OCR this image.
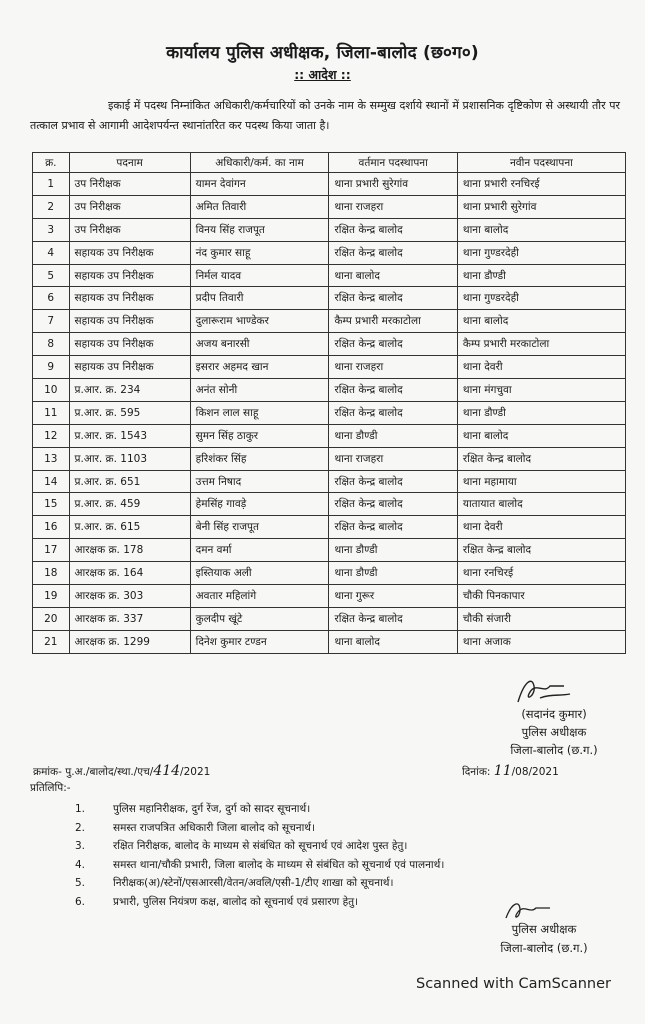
कार्यालय पुलिस अधीक्षक, जिला-बालोद (छ०ग०)
:: आदेश ::
इकाई में पदस्थ निम्नांकित अधिकारी/कर्मचारियों को उनके नाम के सम्मुख दर्शाये स्थानों में प्रशासनिक दृष्टिकोण से अस्थायी तौर पर तत्काल प्रभाव से आगामी आदेशपर्यन्त स्थानांतरित कर पदस्थ किया जाता है।
क्र.	पदनाम	अधिकारी/कर्म. का नाम	वर्तमान पदस्थापना	नवीन पदस्थापना
1	उप निरीक्षक	यामन देवांगन	थाना प्रभारी सुरेगांव	थाना प्रभारी रनचिरई
2	उप निरीक्षक	अमित तिवारी	थाना राजहरा	थाना प्रभारी सुरेगांव
3	उप निरीक्षक	विनय सिंह राजपूत	रक्षित केन्द्र बालोद	थाना बालोद
4	सहायक उप निरीक्षक	नंद कुमार साहू	रक्षित केन्द्र बालोद	थाना गुण्डरदेही
5	सहायक उप निरीक्षक	निर्मल यादव	थाना बालोद	थाना डौण्डी
6	सहायक उप निरीक्षक	प्रदीप तिवारी	रक्षित केन्द्र बालोद	थाना गुण्डरदेही
7	सहायक उप निरीक्षक	दुलारूराम भाण्डेकर	कैम्प प्रभारी मरकाटोला	थाना बालोद
8	सहायक उप निरीक्षक	अजय बनारसी	रक्षित केन्द्र बालोद	कैम्प प्रभारी मरकाटोला
9	सहायक उप निरीक्षक	इसरार अहमद खान	थाना राजहरा	थाना देवरी
10	प्र.आर. क्र. 234	अनंत सोनी	रक्षित केन्द्र बालोद	थाना मंगचुवा
11	प्र.आर. क्र. 595	किशन लाल साहू	रक्षित केन्द्र बालोद	थाना डौण्डी
12	प्र.आर. क्र. 1543	सुमन सिंह ठाकुर	थाना डौण्डी	थाना बालोद
13	प्र.आर. क्र. 1103	हरिशंकर सिंह	थाना राजहरा	रक्षित केन्द्र बालोद
14	प्र.आर. क्र. 651	उत्तम निषाद	रक्षित केन्द्र बालोद	थाना महामाया
15	प्र.आर. क्र. 459	हेमसिंह गावड़े	रक्षित केन्द्र बालोद	यातायात बालोद
16	प्र.आर. क्र. 615	बेनी सिंह राजपूत	रक्षित केन्द्र बालोद	थाना देवरी
17	आरक्षक क्र. 178	दमन वर्मा	थाना डौण्डी	रक्षित केन्द्र बालोद
18	आरक्षक क्र. 164	इस्तियाक अली	थाना डौण्डी	थाना रनचिरई
19	आरक्षक क्र. 303	अवतार महिलांगे	थाना गुरूर	चौकी पिनकापार
20	आरक्षक क्र. 337	कुलदीप खूंटे	रक्षित केन्द्र बालोद	चौकी संजारी
21	आरक्षक क्र. 1299	दिनेश कुमार टण्डन	थाना बालोद	थाना अजाक
(सदानंद कुमार)
पुलिस अधीक्षक
जिला-बालोद (छ.ग.)
क्रमांक- पु.अ./बालोद/स्था./एच/414/2021	दिनांक: 11/08/2021
प्रतिलिपि:-
1.	पुलिस महानिरीक्षक, दुर्ग रेंज, दुर्ग को सादर सूचनार्थ।
2.	समस्त राजपत्रित अधिकारी जिला बालोद को सूचनार्थ।
3.	रक्षित निरीक्षक, बालोद के माध्यम से संबंधित को सूचनार्थ एवं आदेश पुस्त हेतु।
4.	समस्त थाना/चौकी प्रभारी, जिला बालोद के माध्यम से संबंधित को सूचनार्थ एवं पालनार्थ।
5.	निरीक्षक(अ)/स्टेनों/एसआरसी/वेतन/अवलि/एसी-1/टीए शाखा को सूचनार्थ।
6.	प्रभारी, पुलिस नियंत्रण कक्ष, बालोद को सूचनार्थ एवं प्रसारण हेतु।
पुलिस अधीक्षक
जिला-बालोद (छ.ग.)
Scanned with CamScanner
